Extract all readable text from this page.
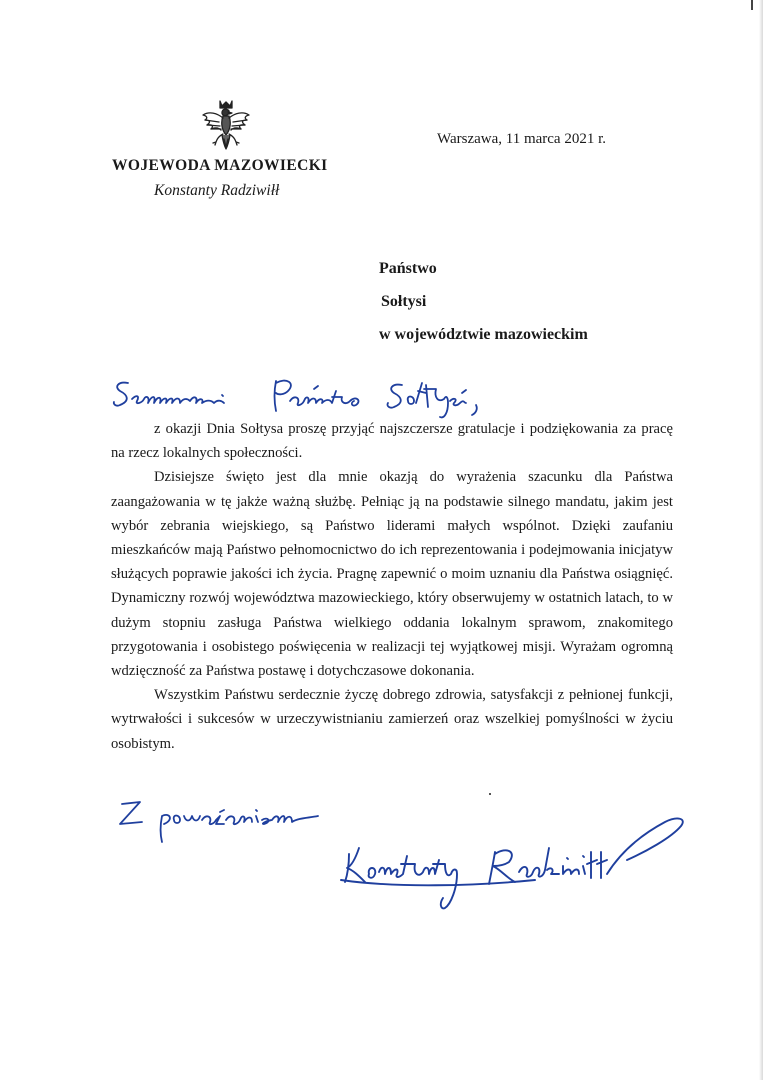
WOJEWODA MAZOWIECKI
Konstanty Radziwiłł
Warszawa, 11 marca 2021 r.
Państwo
Sołtysi
w województwie mazowieckim

z okazji Dnia Sołtysa proszę przyjąć najszczersze gratulacje i podziękowania za pracę na rzecz lokalnych społeczności.

Dzisiejsze święto jest dla mnie okazją do wyrażenia szacunku dla Państwa zaangażowania w tę jakże ważną służbę. Pełniąc ją na podstawie silnego mandatu, jakim jest wybór zebrania wiejskiego, są Państwo liderami małych wspólnot. Dzięki zaufaniu mieszkańców mają Państwo pełnomocnictwo do ich reprezentowania i podejmowania inicjatyw służących poprawie jakości ich życia. Pragnę zapewnić o moim uznaniu dla Państwa osiągnięć. Dynamiczny rozwój województwa mazowieckiego, który obserwujemy w ostatnich latach, to w dużym stopniu zasługa Państwa wielkiego oddania lokalnym sprawom, znakomitego przygotowania i osobistego poświęcenia w realizacji tej wyjątkowej misji. Wyrażam ogromną wdzięczność za Państwa postawę i dotychczasowe dokonania.

Wszystkim Państwu serdecznie życzę dobrego zdrowia, satysfakcji z pełnionej funkcji, wytrwałości i sukcesów w urzeczywistnianiu zamierzeń oraz wszelkiej pomyślności w życiu osobistym.
